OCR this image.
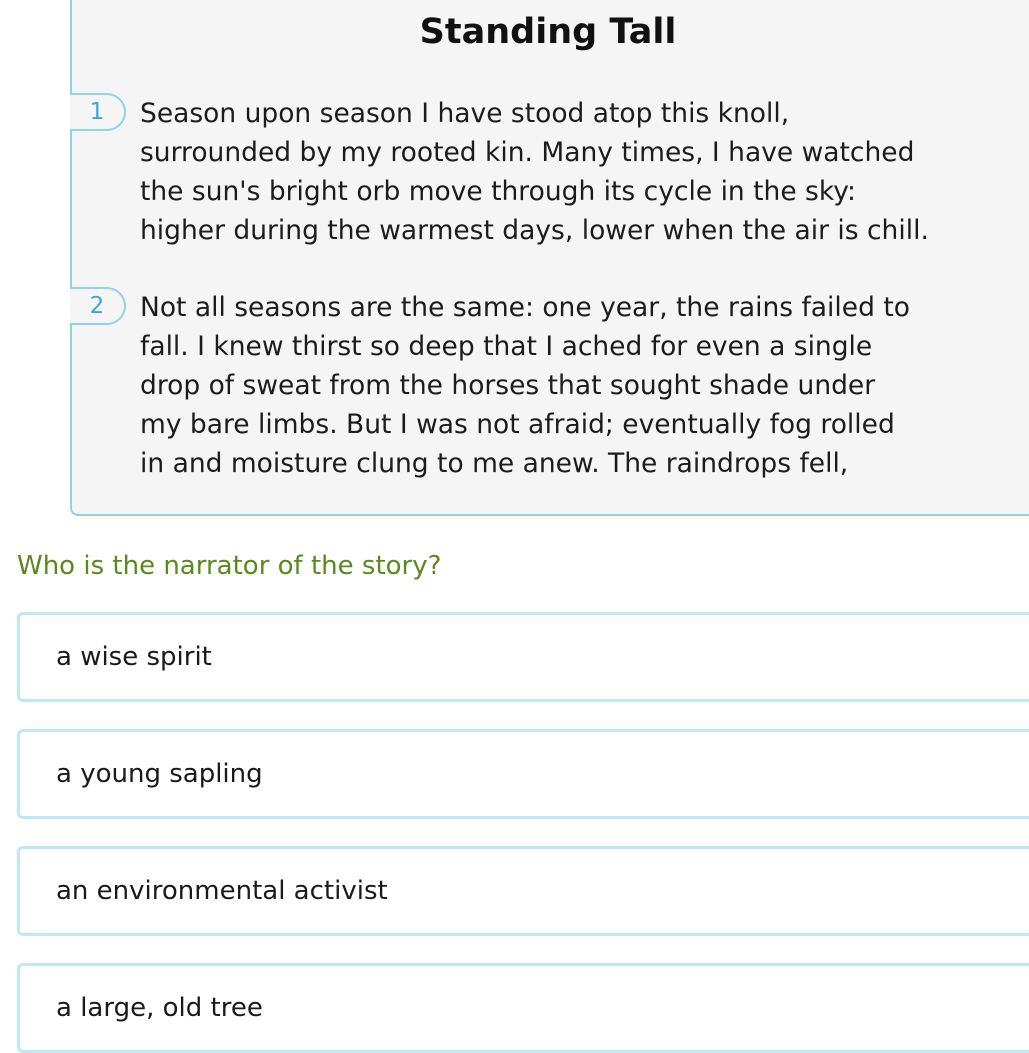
Standing Tall
1	Season upon season I have stood atop this knoll,
surrounded by my rooted kin. Many times, I have watched
the sun's bright orb move through its cycle in the sky:
higher during the warmest days, lower when the air is chill.

2	Not all seasons are the same: one year, the rains failed to
fall. I knew thirst so deep that I ached for even a single
drop of sweat from the horses that sought shade under
my bare limbs. But I was not afraid; eventually fog rolled
in and moisture clung to me anew. The raindrops fell,

Who is the narrator of the story?

a wise spirit
a young sapling
an environmental activist
a large, old tree
